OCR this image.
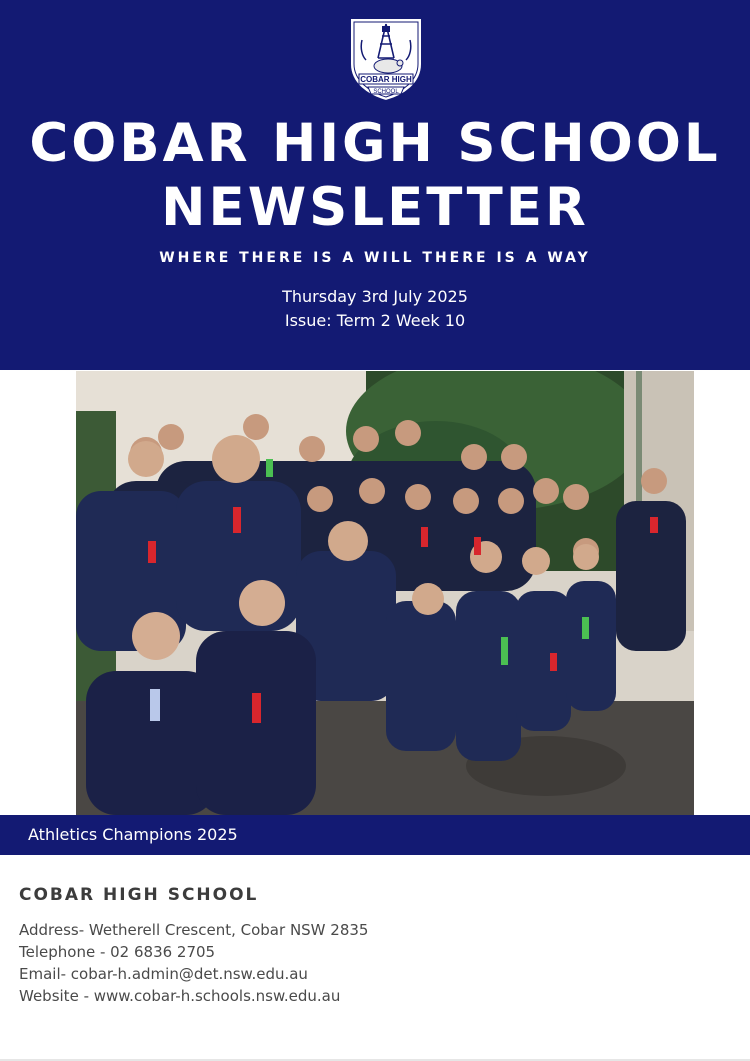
COBAR HIGH
SCHOOL
COBAR HIGH SCHOOL
NEWSLETTER
WHERE THERE IS A WILL THERE IS A WAY
Thursday 3rd July 2025
Issue: Term 2 Week 10
Athletics Champions 2025
COBAR HIGH SCHOOL
Address- Wetherell Crescent, Cobar NSW 2835
Telephone - 02 6836 2705
Email- cobar-h.admin@det.nsw.edu.au
Website - www.cobar-h.schools.nsw.edu.au
